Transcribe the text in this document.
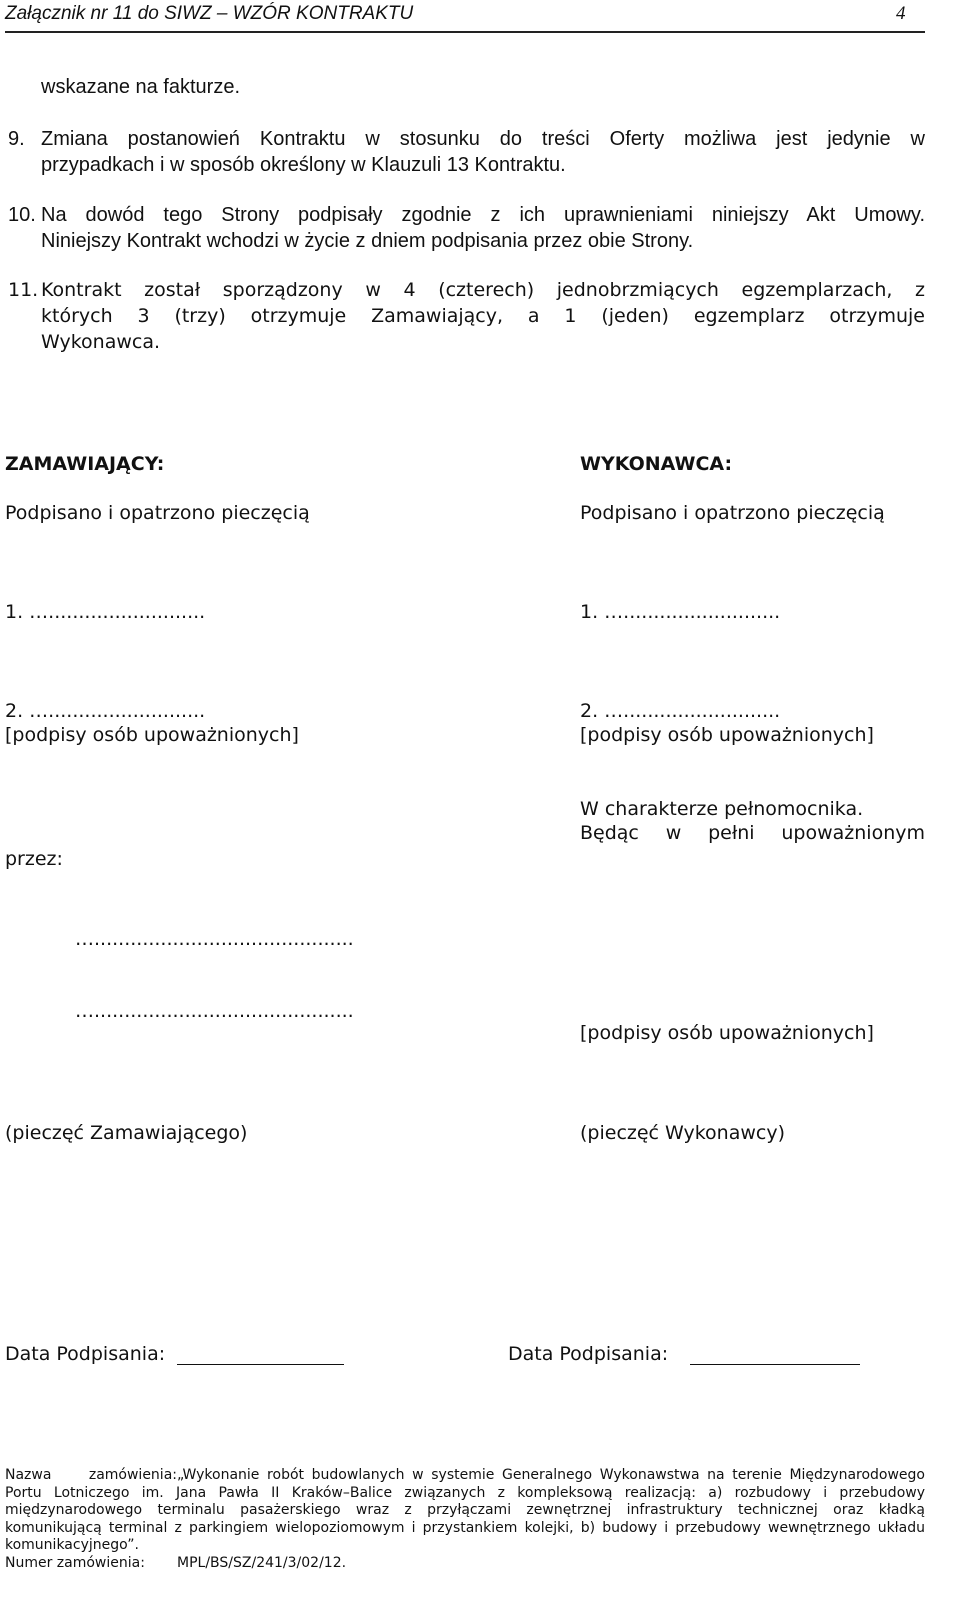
Załącznik nr 11 do SIWZ – WZÓR KONTRAKTU	4
wskazane na fakturze.
9. Zmiana postanowień Kontraktu w stosunku do treści Oferty możliwa jest jedynie w
przypadkach i w sposób określony w Klauzuli 13 Kontraktu.
10. Na dowód tego Strony podpisały zgodnie z ich uprawnieniami niniejszy Akt Umowy.
Niniejszy Kontrakt wchodzi w życie z dniem podpisania przez obie Strony.
11. Kontrakt został sporządzony w 4 (czterech) jednobrzmiących egzemplarzach, z
których 3 (trzy) otrzymuje Zamawiający, a 1 (jeden) egzemplarz otrzymuje
Wykonawca.
ZAMAWIAJĄCY:
Podpisano i opatrzono pieczęcią
1. …..........................
2. …..........................
[podpisy osób upoważnionych]
przez:
…...........................................
…...........................................
(pieczęć Zamawiającego)
Data Podpisania:
WYKONAWCA:
Podpisano i opatrzono pieczęcią
1. …..........................
2. …..........................
[podpisy osób upoważnionych]
W charakterze pełnomocnika.
Będąc w pełni upoważnionym
[podpisy osób upoważnionych]
(pieczęć Wykonawcy)
Data Podpisania:
Nazwa zamówienia:„Wykonanie robót budowlanych w systemie Generalnego Wykonawstwa na terenie Międzynarodowego
Portu Lotniczego im. Jana Pawła II Kraków–Balice związanych z kompleksową realizacją: a) rozbudowy i przebudowy
międzynarodowego terminalu pasażerskiego wraz z przyłączami zewnętrznej infrastruktury technicznej oraz kładką
komunikującą terminal z parkingiem wielopoziomowym i przystankiem kolejki, b) budowy i przebudowy wewnętrznego układu
komunikacyjnego”.
Numer zamówienia: MPL/BS/SZ/241/3/02/12.
